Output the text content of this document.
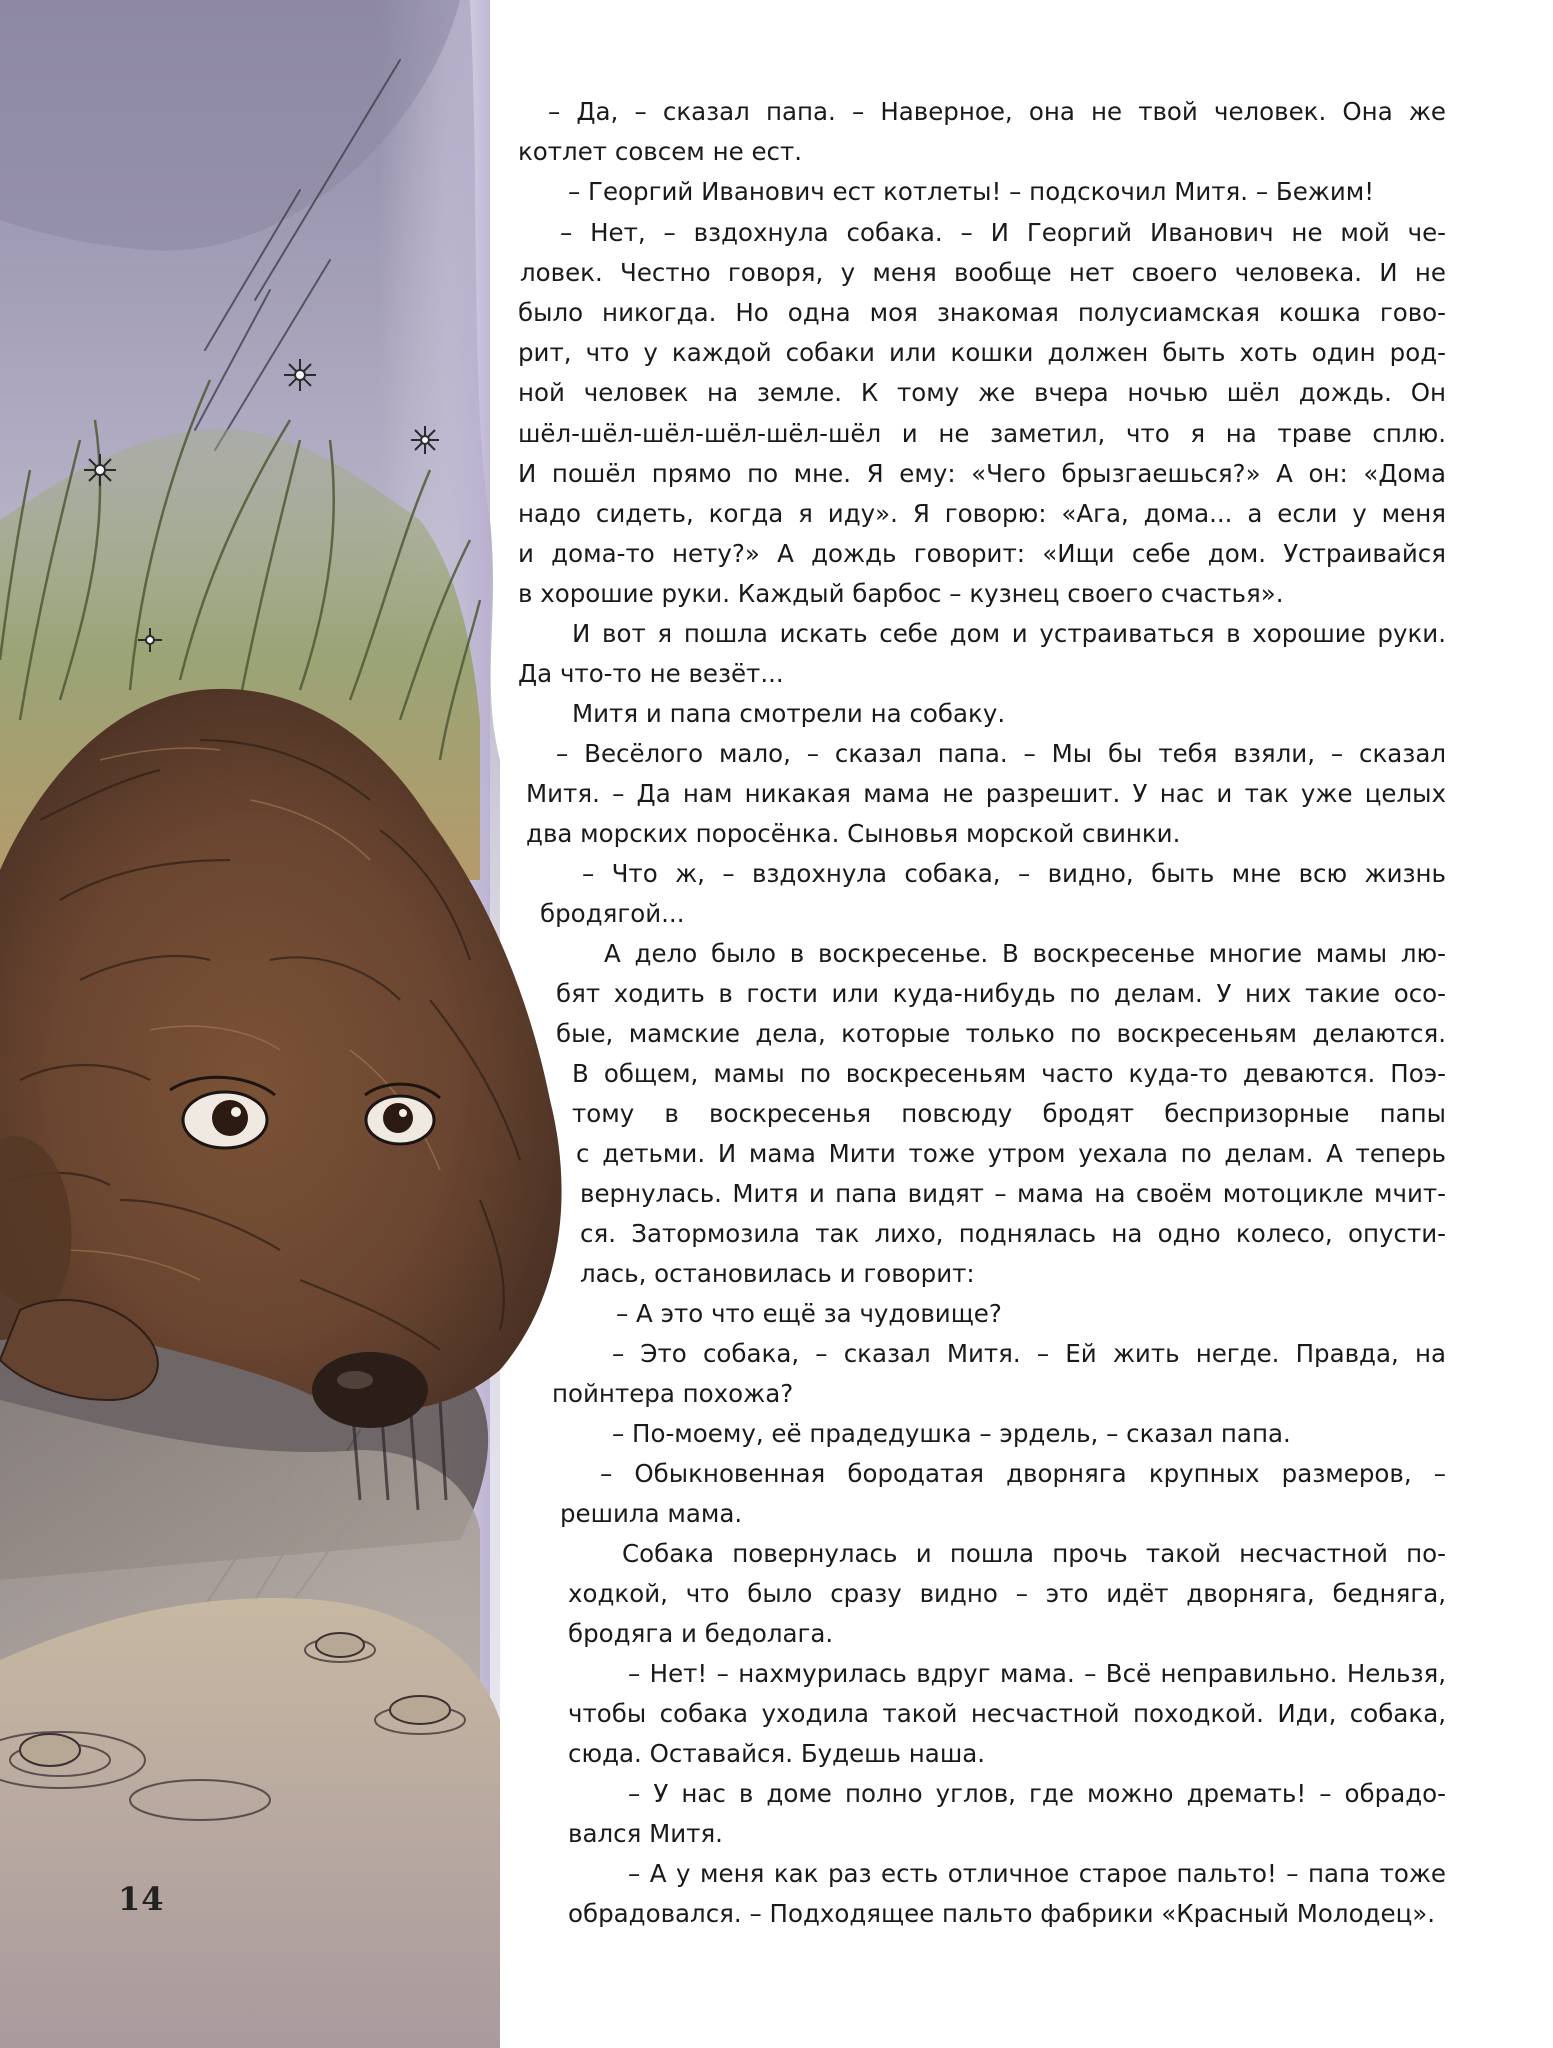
– Да, – сказал папа. – Наверное, она не твой человек. Она же
котлет совсем не ест.
– Георгий Иванович ест котлеты! – подскочил Митя. – Бежим!
– Нет, – вздохнула собака. – И Георгий Иванович не мой че-
ловек. Честно говоря, у меня вообще нет своего человека. И не
было никогда. Но одна моя знакомая полусиамская кошка гово-
рит, что у каждой собаки или кошки должен быть хоть один род-
ной человек на земле. К тому же вчера ночью шёл дождь. Он
шёл-шёл-шёл-шёл-шёл-шёл и не заметил, что я на траве сплю.
И пошёл прямо по мне. Я ему: «Чего брызгаешься?» А он: «Дома
надо сидеть, когда я иду». Я говорю: «Ага, дома... а если у меня
и дома-то нету?» А дождь говорит: «Ищи себе дом. Устраивайся
в хорошие руки. Каждый барбос – кузнец своего счастья».
И вот я пошла искать себе дом и устраиваться в хорошие руки.
Да что-то не везёт...
Митя и папа смотрели на собаку.
– Весёлого мало, – сказал папа. – Мы бы тебя взяли, – сказал
Митя. – Да нам никакая мама не разрешит. У нас и так уже целых
два морских поросёнка. Сыновья морской свинки.
– Что ж, – вздохнула собака, – видно, быть мне всю жизнь
бродягой...
А дело было в воскресенье. В воскресенье многие мамы лю-
бят ходить в гости или куда-нибудь по делам. У них такие осо-
бые, мамские дела, которые только по воскресеньям делаются.
В общем, мамы по воскресеньям часто куда-то деваются. Поэ-
тому в воскресенья повсюду бродят беспризорные папы
с детьми. И мама Мити тоже утром уехала по делам. А теперь
вернулась. Митя и папа видят – мама на своём мотоцикле мчит-
ся. Затормозила так лихо, поднялась на одно колесо, опусти-
лась, остановилась и говорит:
– А это что ещё за чудовище?
– Это собака, – сказал Митя. – Ей жить негде. Правда, на
пойнтера похожа?
– По-моему, её прадедушка – эрдель, – сказал папа.
– Обыкновенная бородатая дворняга крупных размеров, –
решила мама.
Собака повернулась и пошла прочь такой несчастной по-
ходкой, что было сразу видно – это идёт дворняга, бедняга,
бродяга и бедолага.
– Нет! – нахмурилась вдруг мама. – Всё неправильно. Нельзя,
чтобы собака уходила такой несчастной походкой. Иди, собака,
сюда. Оставайся. Будешь наша.
– У нас в доме полно углов, где можно дремать! – обрадо-
вался Митя.
– А у меня как раз есть отличное старое пальто! – папа тоже
обрадовался. – Подходящее пальто фабрики «Красный Молодец».
14
